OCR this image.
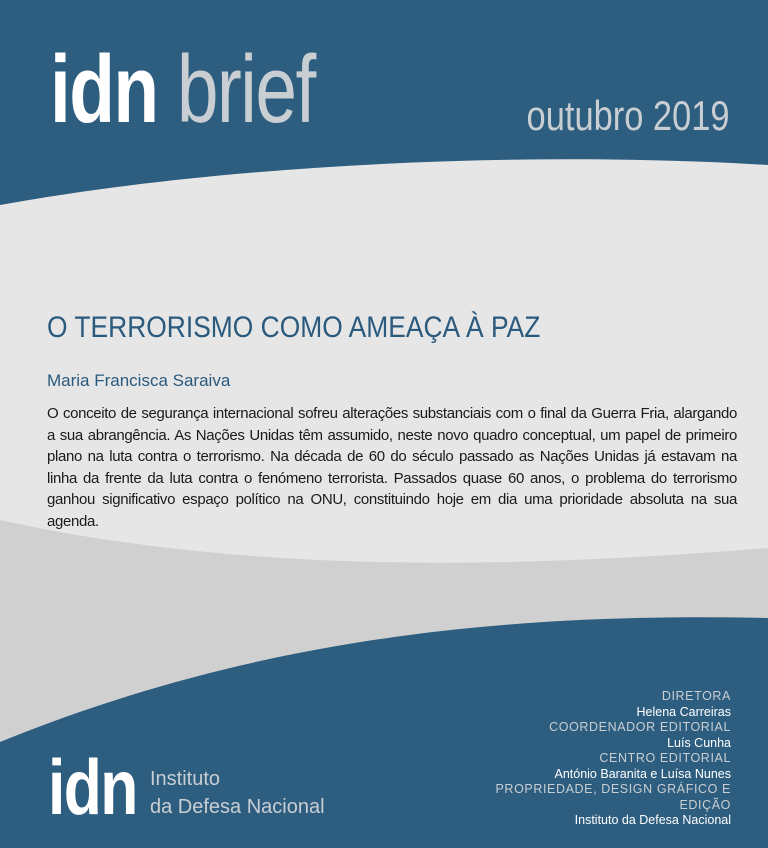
idn brief	outubro 2019
O TERRORISMO COMO AMEAÇA À PAZ
Maria Francisca Saraiva
O conceito de segurança internacional sofreu alterações substanciais com o final da Guerra Fria, alargando a sua abrangência. As Nações Unidas têm assumido, neste novo quadro conceptual, um papel de primeiro plano na luta contra o terrorismo. Na década de 60 do século passado as Nações Unidas já estavam na linha da frente da luta contra o fenómeno terrorista. Passados quase 60 anos, o problema do terrorismo ganhou significativo espaço político na ONU, constituindo hoje em dia uma prioridade absoluta na sua agenda.
idn Instituto
da Defesa Nacional
DIRETORA
Helena Carreiras
COORDENADOR EDITORIAL
Luís Cunha
CENTRO EDITORIAL
António Baranita e Luísa Nunes
PROPRIEDADE, DESIGN GRÁFICO E EDIÇÃO
Instituto da Defesa Nacional
